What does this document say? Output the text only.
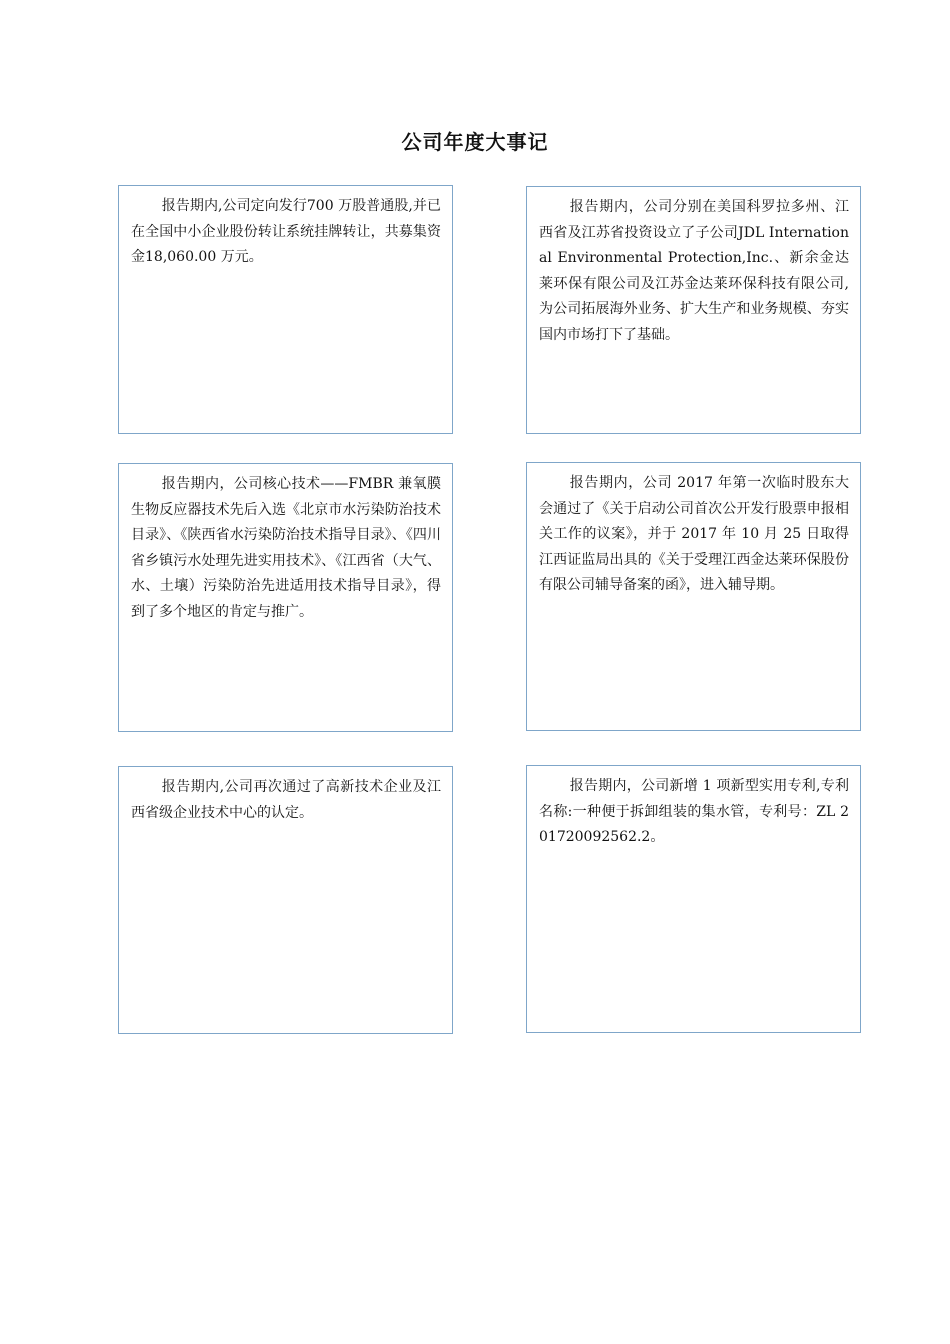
公司年度大事记

报告期内,公司定向发行700 万股普通股,并已在全国中小企业股份转让系统挂牌转让，共募集资金18,060.00 万元。

报告期内，公司分别在美国科罗拉多州、江西省及江苏省投资设立了子公司JDL International Environmental Protection,Inc.、新余金达莱环保有限公司及江苏金达莱环保科技有限公司,为公司拓展海外业务、扩大生产和业务规模、夯实国内市场打下了基础。

报告期内，公司核心技术——FMBR 兼氧膜生物反应器技术先后入选《北京市水污染防治技术目录》、《陕西省水污染防治技术指导目录》、《四川省乡镇污水处理先进实用技术》、《江西省（大气、水、土壤）污染防治先进适用技术指导目录》，得到了多个地区的肯定与推广。

报告期内，公司 2017 年第一次临时股东大会通过了《关于启动公司首次公开发行股票申报相关工作的议案》，并于 2017 年 10 月 25 日取得江西证监局出具的《关于受理江西金达莱环保股份有限公司辅导备案的函》，进入辅导期。

报告期内,公司再次通过了高新技术企业及江西省级企业技术中心的认定。

报告期内，公司新增 1 项新型实用专利,专利名称:一种便于拆卸组装的集水管，专利号：ZL 201720092562.2。
